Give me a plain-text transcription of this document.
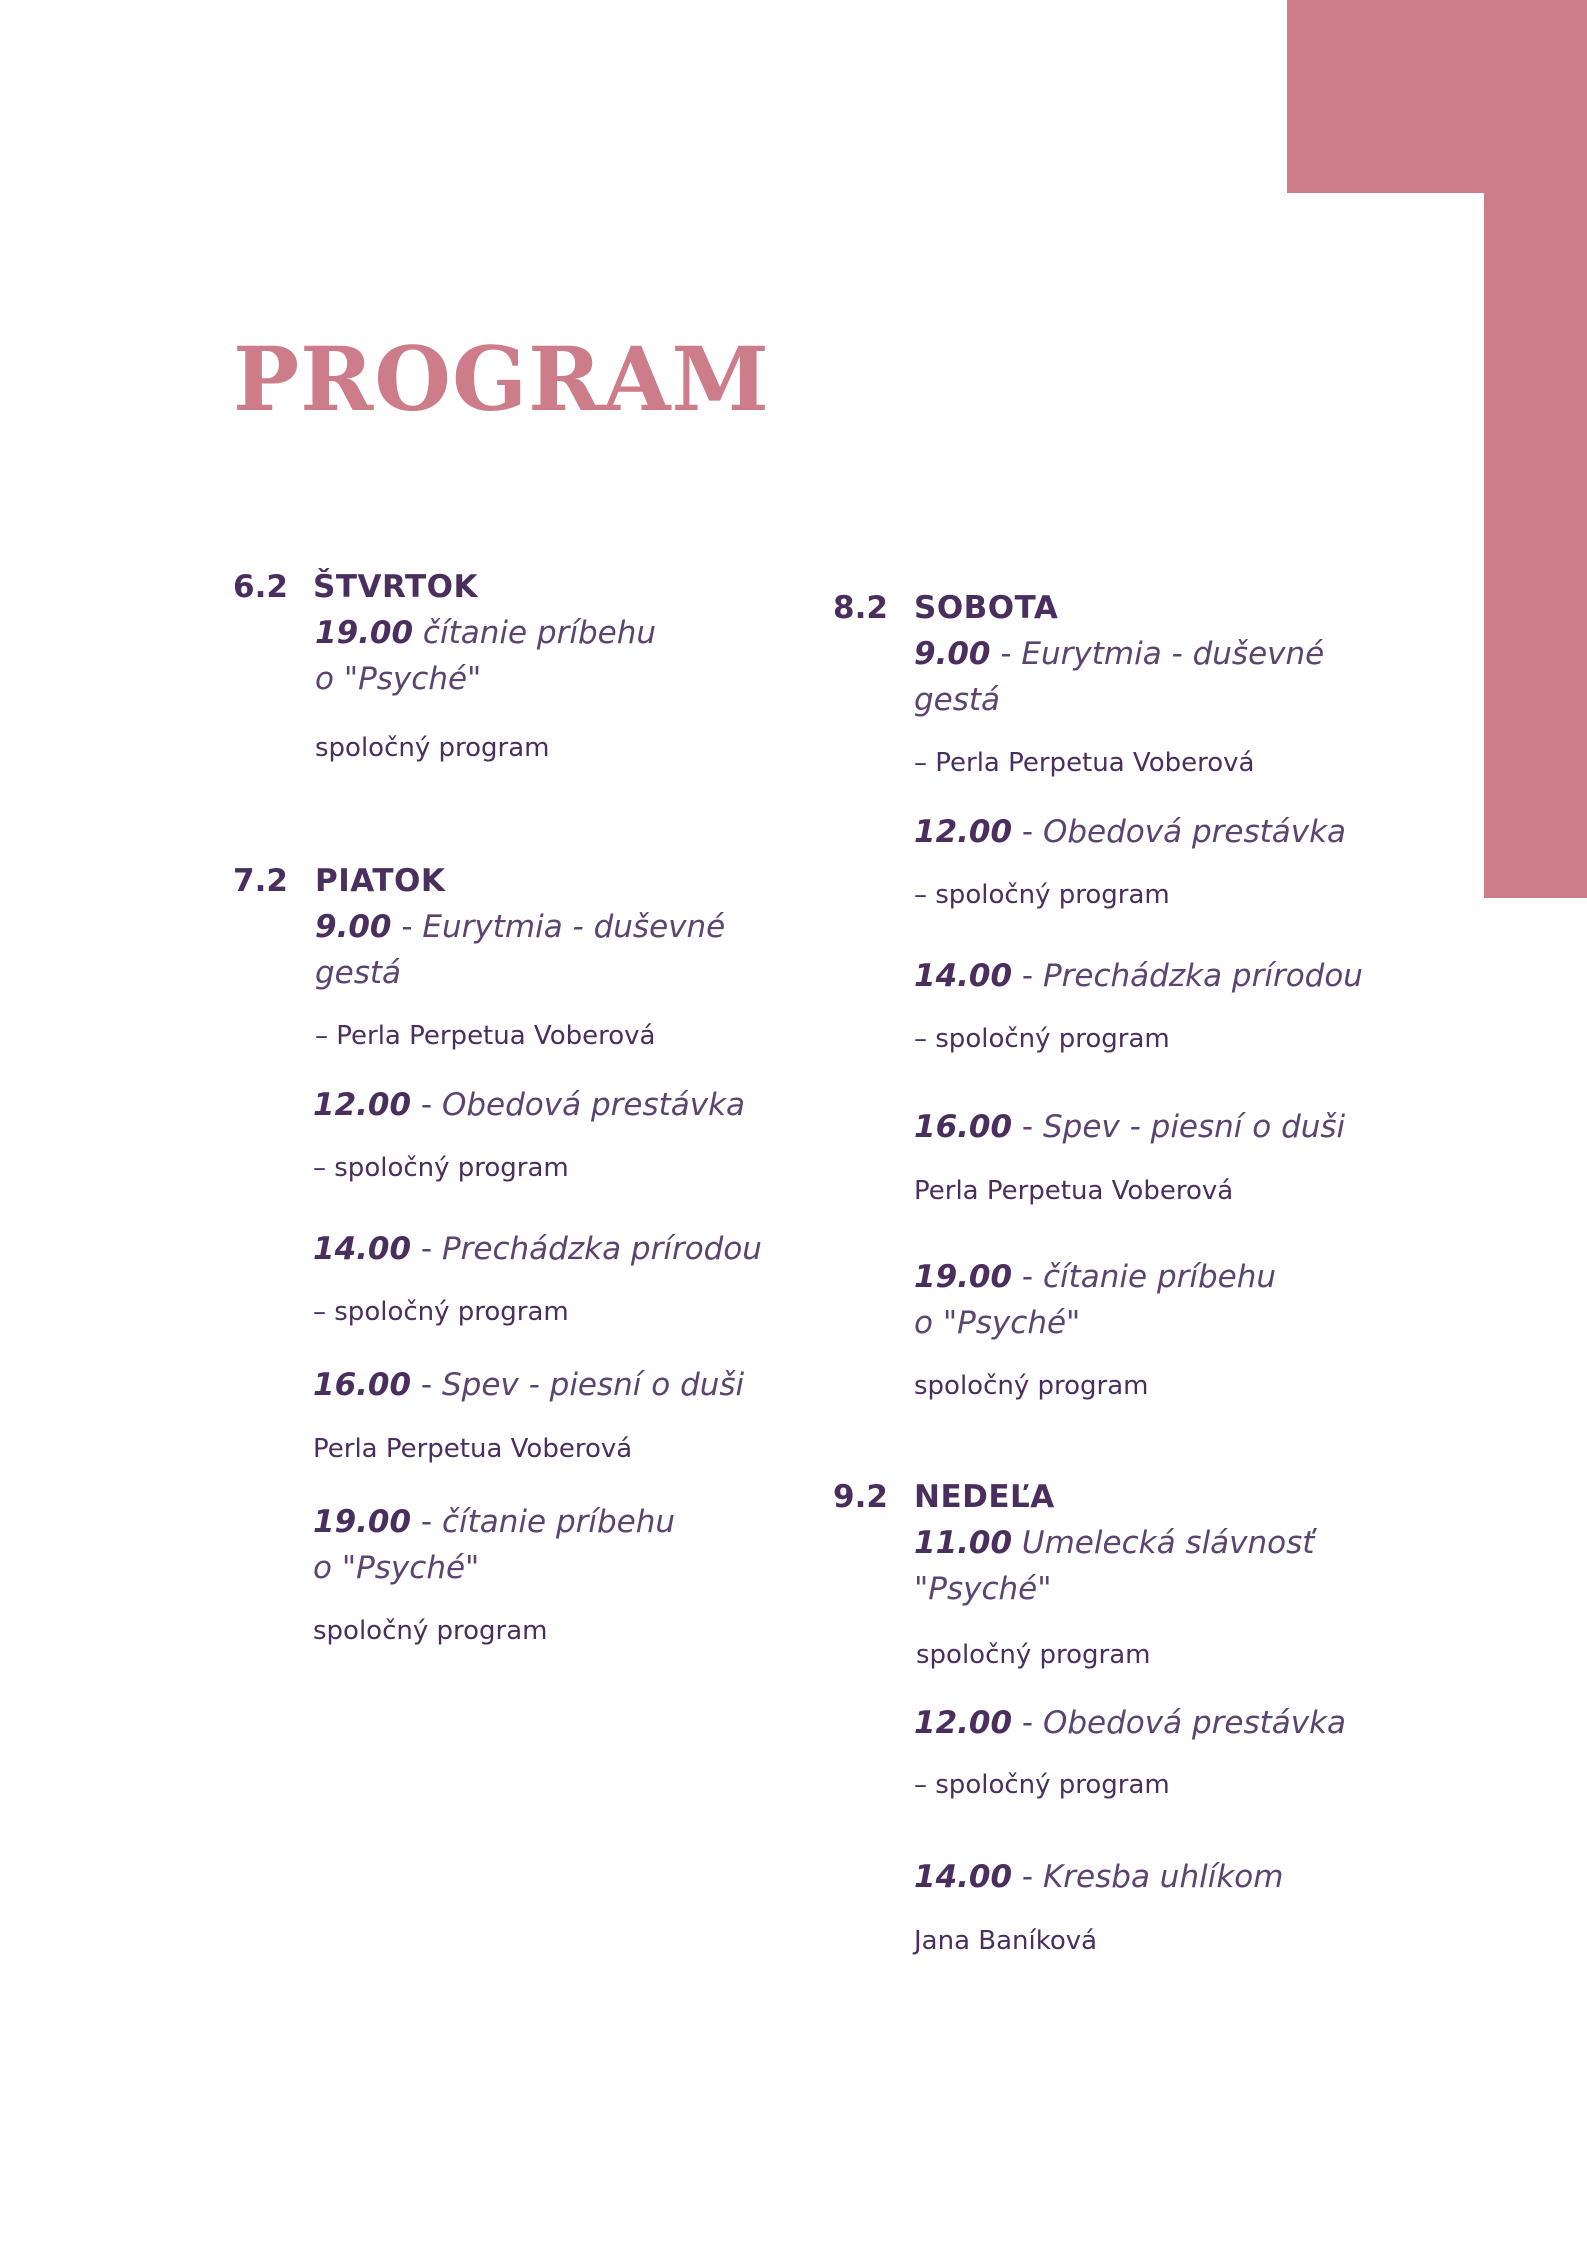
PROGRAM
6.2 ŠTVRTOK
19.00 čítanie príbehu
o "Psyché"
spoločný program
7.2 PIATOK
9.00 - Eurytmia - duševné
gestá
– Perla Perpetua Voberová
12.00 - Obedová prestávka
– spoločný program
14.00 - Prechádzka prírodou
– spoločný program
16.00 - Spev - piesní o duši
Perla Perpetua Voberová
19.00 - čítanie príbehu
o "Psyché"
spoločný program
8.2 SOBOTA
9.00 - Eurytmia - duševné
gestá
– Perla Perpetua Voberová
12.00 - Obedová prestávka
– spoločný program
14.00 - Prechádzka prírodou
– spoločný program
16.00 - Spev - piesní o duši
Perla Perpetua Voberová
19.00 - čítanie príbehu
o "Psyché"
spoločný program
9.2 NEDEĽA
11.00 Umelecká slávnosť
"Psyché"
spoločný program
12.00 - Obedová prestávka
– spoločný program
14.00 - Kresba uhlíkom
Jana Baníková
